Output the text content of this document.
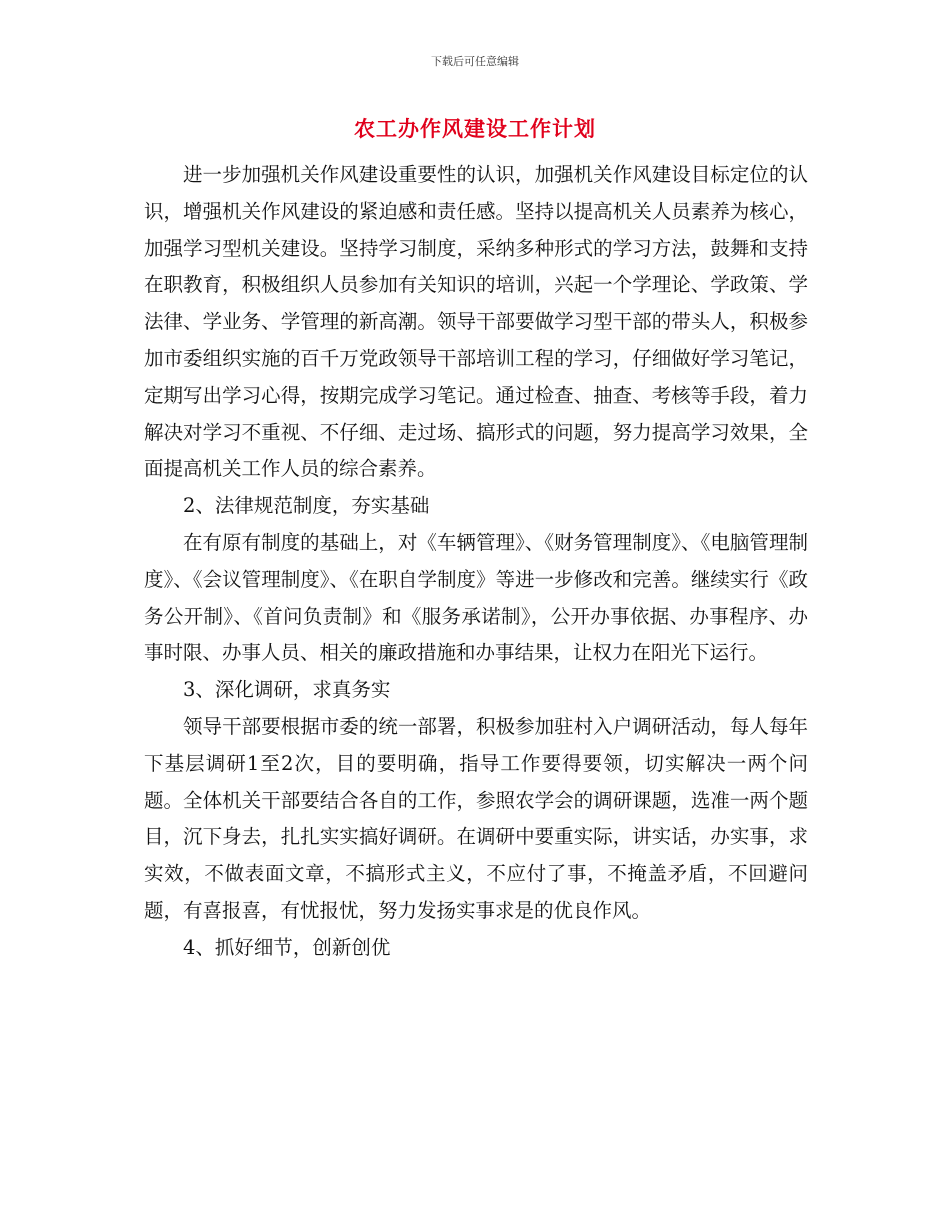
下载后可任意编辑
农工办作风建设工作计划

进一步加强机关作风建设重要性的认识，加强机关作风建设目标定位的认识，增强机关作风建设的紧迫感和责任感。坚持以提高机关人员素养为核心，加强学习型机关建设。坚持学习制度，采纳多种形式的学习方法，鼓舞和支持在职教育，积极组织人员参加有关知识的培训，兴起一个学理论、学政策、学法律、学业务、学管理的新高潮。领导干部要做学习型干部的带头人，积极参加市委组织实施的百千万党政领导干部培训工程的学习，仔细做好学习笔记，定期写出学习心得，按期完成学习笔记。通过检查、抽查、考核等手段，着力解决对学习不重视、不仔细、走过场、搞形式的问题，努力提高学习效果，全面提高机关工作人员的综合素养。

2、法律规范制度，夯实基础

在有原有制度的基础上，对《车辆管理》、《财务管理制度》、《电脑管理制度》、《会议管理制度》、《在职自学制度》等进一步修改和完善。继续实行《政务公开制》、《首问负责制》和《服务承诺制》，公开办事依据、办事程序、办事时限、办事人员、相关的廉政措施和办事结果，让权力在阳光下运行。

3、深化调研，求真务实

领导干部要根据市委的统一部署，积极参加驻村入户调研活动，每人每年下基层调研1至2次，目的要明确，指导工作要得要领，切实解决一两个问题。全体机关干部要结合各自的工作，参照农学会的调研课题，选准一两个题目，沉下身去，扎扎实实搞好调研。在调研中要重实际，讲实话，办实事，求实效，不做表面文章，不搞形式主义，不应付了事，不掩盖矛盾，不回避问题，有喜报喜，有忧报忧，努力发扬实事求是的优良作风。

4、抓好细节，创新创优
